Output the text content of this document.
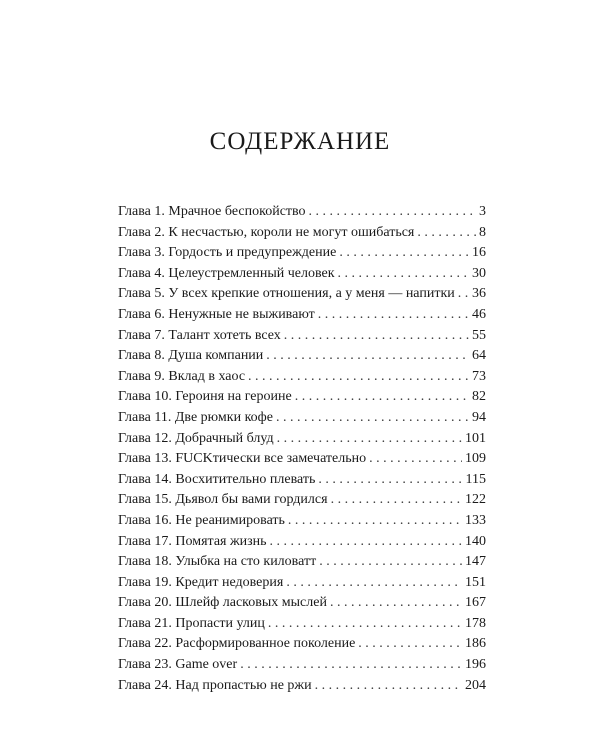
СОДЕРЖАНИЕ
Глава 1. Мрачное беспокойство . . .	3
Глава 2. К несчастью, короли не могут ошибаться . . .	8
Глава 3. Гордость и предупреждение . . .	16
Глава 4. Целеустремленный человек . . .	30
Глава 5. У всех крепкие отношения, а у меня — напитки . . . 36
Глава 6. Ненужные не выживают . . .	46
Глава 7. Талант хотеть всех . . .	55
Глава 8. Душа компании . . .	64
Глава 9. Вклад в хаос . . .	73
Глава 10. Героиня на героине . . .	82
Глава 11. Две рюмки кофе . . .	94
Глава 12. Добрачный блуд . . .	101
Глава 13. FUCKтически все замечательно . . .	109
Глава 14. Восхитительно плевать . . .	115
Глава 15. Дьявол бы вами гордился . . .	122
Глава 16. Не реанимировать . . .	133
Глава 17. Помятая жизнь . . .	140
Глава 18. Улыбка на сто киловатт . . .	147
Глава 19. Кредит недоверия . . .	151
Глава 20. Шлейф ласковых мыслей . . .	167
Глава 21. Пропасти улиц . . .	178
Глава 22. Расформированное поколение . . .	186
Глава 23. Game over . . .	196
Глава 24. Над пропастью не ржи . . .	204
